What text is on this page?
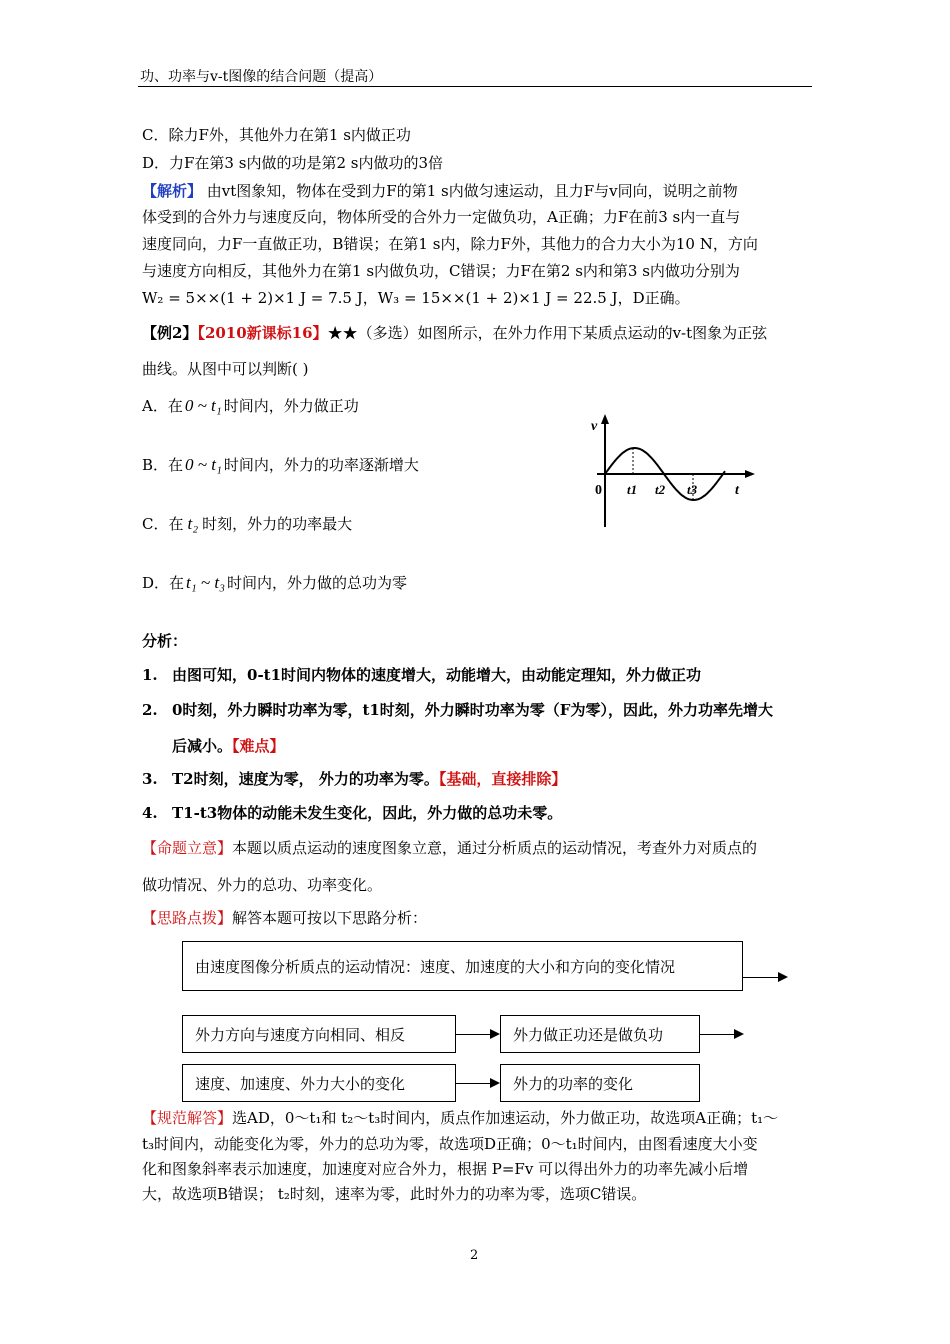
功、功率与v-t图像的结合问题（提高）
C．除力F外，其他外力在第1 s内做正功
D．力F在第3 s内做的功是第2 s内做功的3倍
【解析】 由vt图象知，物体在受到力F的第1 s内做匀速运动，且力F与v同向，说明之前物
体受到的合外力与速度反向，物体所受的合外力一定做负功，A正确；力F在前3 s内一直与
速度同向，力F一直做正功，B错误；在第1 s内，除力F外，其他力的合力大小为10 N，方向
与速度方向相反，其他外力在第1 s内做负功，C错误；力F在第2 s内和第3 s内做功分别为
W₂ = 5××(1 + 2)×1 J = 7.5 J，W₃ = 15××(1 + 2)×1 J = 22.5 J，D正确。
【例2】【2010新课标16】★★（多选）如图所示，在外力作用下某质点运动的v-t图象为正弦
曲线。从图中可以判断( )
A．在 0 ~ t₁ 时间内，外力做正功
B．在 0 ~ t₁ 时间内，外力的功率逐渐增大
C．在 t₂ 时刻，外力的功率最大
D．在 t₁ ~ t₃ 时间内，外力做的总功为零
v
0 t1 t2 t3	t
分析：
1. 由图可知，0-t1时间内物体的速度增大，动能增大，由动能定理知，外力做正功
2. 0时刻，外力瞬时功率为零，t1时刻，外力瞬时功率为零（F为零），因此，外力功率先增大
后减小。【难点】
3. T2时刻，速度为零， 外力的功率为零。【基础，直接排除】
4. T1-t3物体的动能未发生变化，因此，外力做的总功未零。
【命题立意】本题以质点运动的速度图象立意，通过分析质点的运动情况，考查外力对质点的
做功情况、外力的总功、功率变化。
【思路点拨】解答本题可按以下思路分析：
由速度图像分析质点的运动情况：速度、加速度的大小和方向的变化情况
外力方向与速度方向相同、相反	外力做正功还是做负功
速度、加速度、外力大小的变化	外力的功率的变化
【规范解答】选AD，0～t₁和 t₂～t₃时间内，质点作加速运动，外力做正功，故选项A正确；t₁～
t₃时间内，动能变化为零，外力的总功为零，故选项D正确；0～t₁时间内，由图看速度大小变
化和图象斜率表示加速度，加速度对应合外力，根据 P=Fv 可以得出外力的功率先减小后增
大，故选项B错误； t₂时刻，速率为零，此时外力的功率为零，选项C错误。
2
